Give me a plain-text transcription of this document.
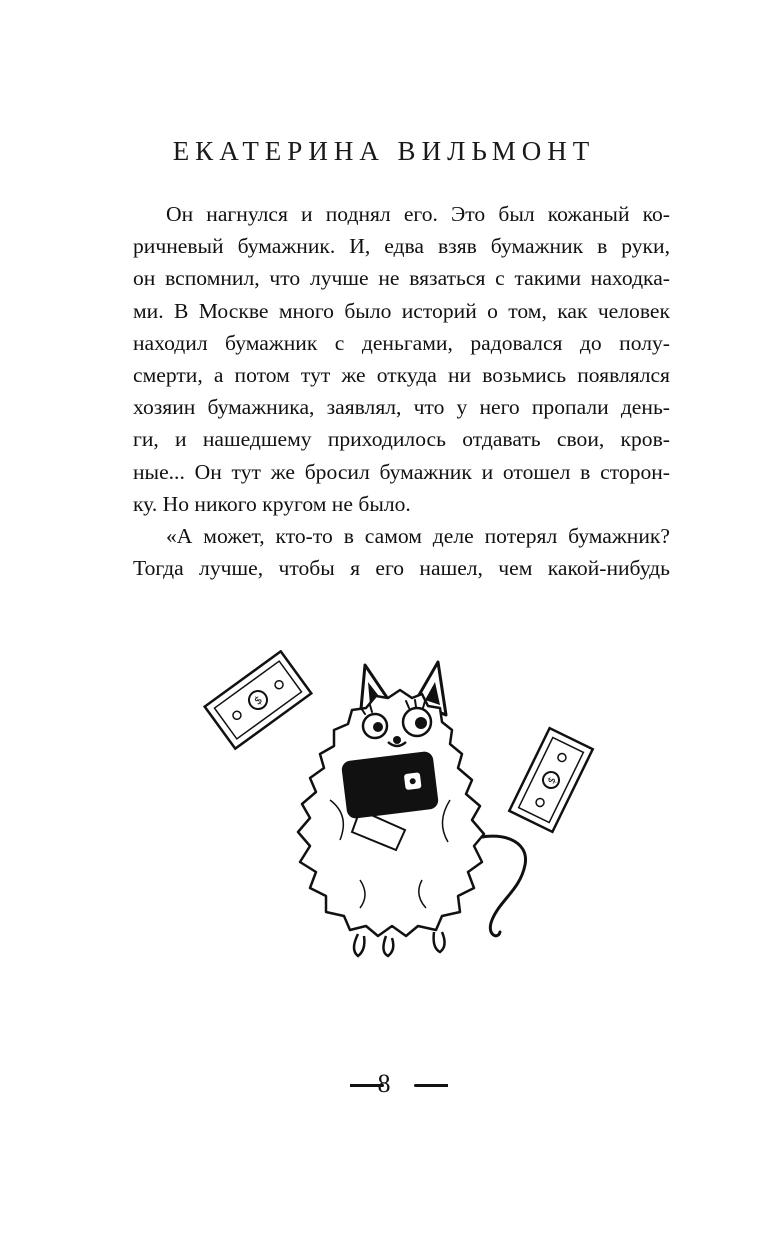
ЕКАТЕРИНА ВИЛЬМОНТ
Он нагнулся и поднял его. Это был кожаный ко-
ричневый бумажник. И, едва взяв бумажник в руки,
он вспомнил, что лучше не вязаться с такими находка-
ми. В Москве много было историй о том, как человек
находил бумажник с деньгами, радовался до полу-
смерти, а потом тут же откуда ни возьмись появлялся
хозяин бумажника, заявлял, что у него пропали день-
ги, и нашедшему приходилось отдавать свои, кров-
ные... Он тут же бросил бумажник и отошел в сторон-
ку. Но никого кругом не было.
«А может, кто-то в самом деле потерял бумажник?
Тогда лучше, чтобы я его нашел, чем какой-нибудь
$
$
8
